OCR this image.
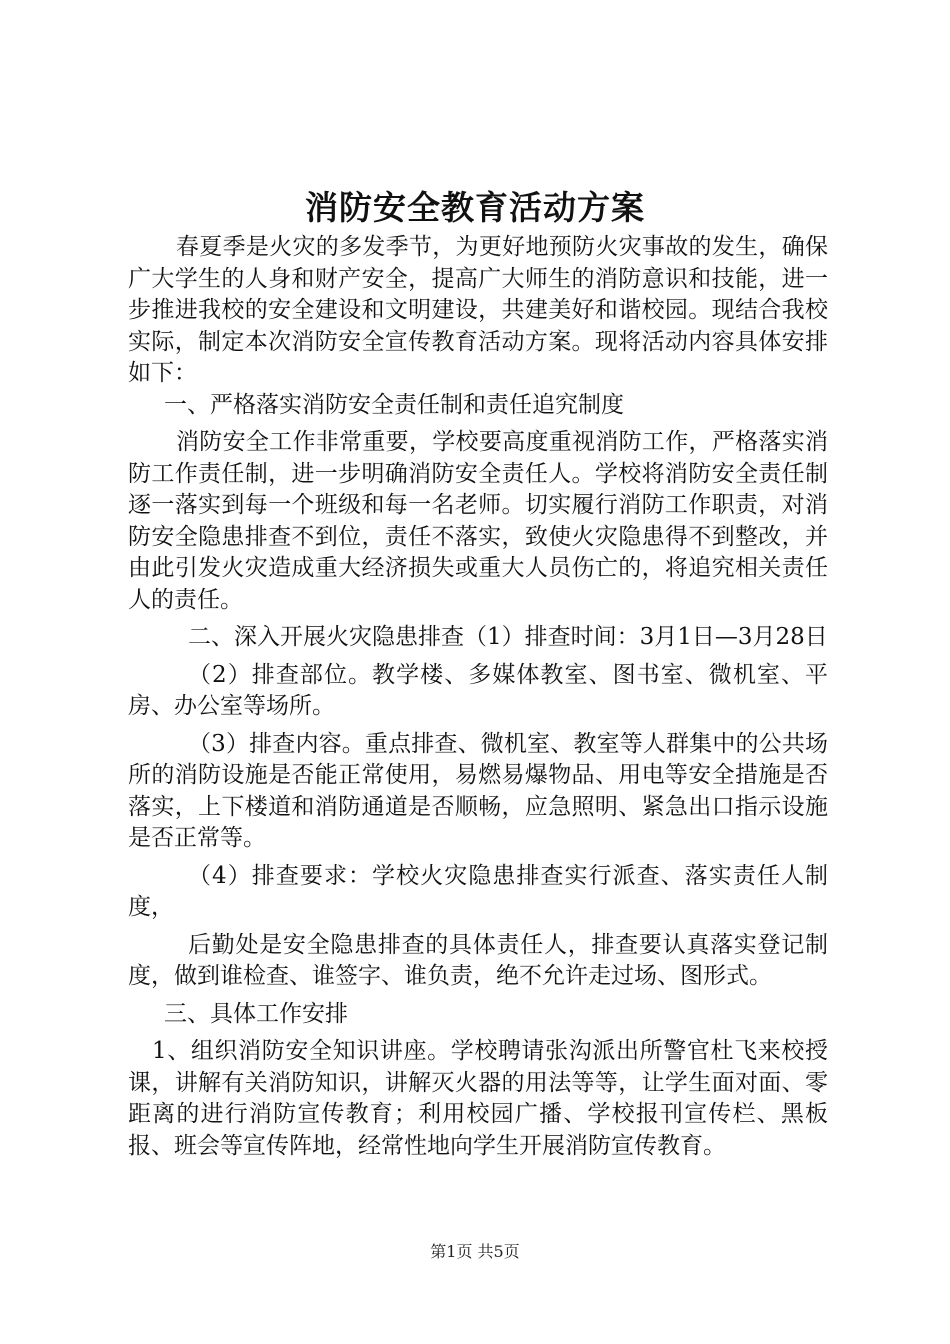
消防安全教育活动方案

春夏季是火灾的多发季节，为更好地预防火灾事故的发生，确保广大学生的人身和财产安全，提高广大师生的消防意识和技能，进一步推进我校的安全建设和文明建设，共建美好和谐校园。现结合我校实际，制定本次消防安全宣传教育活动方案。现将活动内容具体安排如下：

一、严格落实消防安全责任制和责任追究制度

消防安全工作非常重要，学校要高度重视消防工作，严格落实消防工作责任制，进一步明确消防安全责任人。学校将消防安全责任制逐一落实到每一个班级和每一名老师。切实履行消防工作职责，对消防安全隐患排查不到位，责任不落实，致使火灾隐患得不到整改，并由此引发火灾造成重大经济损失或重大人员伤亡的，将追究相关责任人的责任。

二、深入开展火灾隐患排查（1）排查时间：3月1日—3月28日

（2）排查部位。教学楼、多媒体教室、图书室、微机室、平房、办公室等场所。

（3）排查内容。重点排查、微机室、教室等人群集中的公共场所的消防设施是否能正常使用，易燃易爆物品、用电等安全措施是否落实，上下楼道和消防通道是否顺畅，应急照明、紧急出口指示设施是否正常等。

（4）排查要求：学校火灾隐患排查实行派查、落实责任人制度，

后勤处是安全隐患排查的具体责任人，排查要认真落实登记制度，做到谁检查、谁签字、谁负责，绝不允许走过场、图形式。

三、具体工作安排

1、组织消防安全知识讲座。学校聘请张沟派出所警官杜飞来校授课，讲解有关消防知识，讲解灭火器的用法等等，让学生面对面、零距离的进行消防宣传教育；利用校园广播、学校报刊宣传栏、黑板报、班会等宣传阵地，经常性地向学生开展消防宣传教育。

第1页 共5页
